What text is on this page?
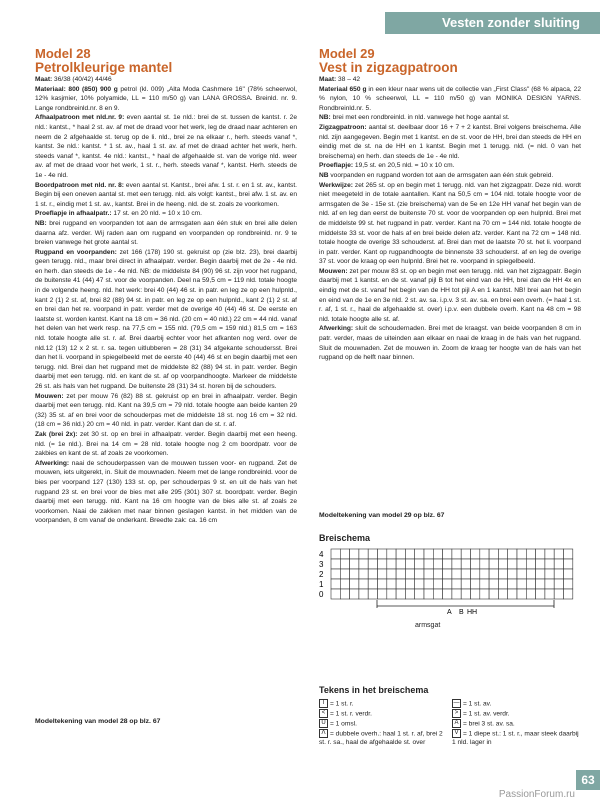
Vesten zonder sluiting

Model 28

Petrolkleurige mantel

Maat: 36/38 (40/42) 44/46

Materiaal: 800 (850) 900 g petrol (kl. 009) „Alta Moda Cashmere 16" (78% scheerwol, 12% kasjmier, 10% polyamide, LL = 110 m/50 g) van LANA GROSSA. Breinld. nr. 9. Lange rondbreinld.nr. 8 en 9.

Afhaalpatroon met nld.nr. 9: even aantal st. 1e nld.: brei de st. tussen de kantst. r. 2e nld.: kantst., * haal 2 st. av. af met de draad voor het werk, leg de draad naar achteren en neem de 2 afgehaalde st. terug op de li. nld., brei ze na elkaar r., herh. steeds vanaf *, kantst. 3e nld.: kantst. * 1 st. av., haal 1 st. av. af met de draad achter het werk, herh. steeds vanaf *, kantst. 4e nld.: kantst., * haal de afgehaalde st. van de vorige nld. weer av. af met de draad voor het werk, 1 st. r., herh. steeds vanaf *, kantst. Herh. steeds de 1e - 4e nld.

Boordpatroon met nld. nr. 8: even aantal st. Kantst., brei afw. 1 st. r. en 1 st. av., kantst. Begin bij een oneven aantal st. met een terugg. nld. als volgt: kantst., brei afw. 1 st. av. en 1 st. r., eindig met 1 st. av., kantst. Brei in de heeng. nld. de st. zoals ze voorkomen.

Proeflapje in afhaalpatr.: 17 st. en 20 nld. = 10 x 10 cm.

NB: brei rugpand en voorpanden tot aan de armsgaten aan één stuk en brei alle delen daarna afz. verder. Wij raden aan om rugpand en voorpanden op rondbreinld. nr. 9 te breien vanwege het grote aantal st.

Rugpand en voorpanden: zet 166 (178) 190 st. gekruist op (zie blz. 23), brei daarbij geen terugg. nld., maar brei direct in afhaalpatr. verder. Begin daarbij met de 2e - 4e nld. en herh. dan steeds de 1e - 4e nld. NB: de middelste 84 (90) 96 st. zijn voor het rugpand, de buitenste 41 (44) 47 st. voor de voorpanden. Deel na 59,5 cm = 119 nld. totale hoogte in de volgende heeng. nld. het werk: brei 40 (44) 46 st. in patr. en leg ze op een hulpnld., kant 2 (1) 2 st. af, brei 82 (88) 94 st. in patr. en leg ze op een hulpnld., kant 2 (1) 2 st. af en brei dan het re. voorpand in patr. verder met de overige 40 (44) 46 st. De eerste en laatste st. worden kantst. Kant na 18 cm = 36 nld. (20 cm = 40 nld.) 22 cm = 44 nld. vanaf het delen van het werk resp. na 77,5 cm = 155 nld. (79,5 cm = 159 nld.) 81,5 cm = 163 nld. totale hoogte alle st. r. af. Brei daarbij echter voor het afkanten nog verd. over de nld.12 (13) 12 x 2 st. r. sa. tegen uitlubberen = 28 (31) 34 afgekante schoudersst. Brei dan het li. voorpand in spiegelbeeld met de eerste 40 (44) 46 st en begin daarbij met een terugg. nld. Brei dan het rugpand met de middelste 82 (88) 94 st. in patr. verder. Begin daarbij met een terugg. nld. en kant de st. af op voorpandhoogte. Markeer de middelste 26 st. als hals van het rugpand. De buitenste 28 (31) 34 st. horen bij de schouders.

Mouwen: zet per mouw 76 (82) 88 st. gekruist op en brei in afhaalpatr. verder. Begin daarbij met een terugg. nld. Kant na 39,5 cm = 79 nld. totale hoogte aan beide kanten 29 (32) 35 st. af en brei voor de schouderpas met de middelste 18 st. nog 16 cm = 32 nld. (18 cm = 36 nld.) 20 cm = 40 nld. in patr. verder. Kant dan de st. r. af.

Zak (brei 2x): zet 30 st. op en brei in afhaalpatr. verder. Begin daarbij met een heeng. nld. (= 1e nld.). Brei na 14 cm = 28 nld. totale hoogte nog 2 cm boordpatr. voor de zakbies en kant de st. af zoals ze voorkomen.

Afwerking: naai de schouderpassen van de mouwen tussen voor- en rugpand. Zet de mouwen, iets uitgerekt, in. Sluit de mouwnaden. Neem met de lange rondbreinld. voor de bies per voorpand 127 (130) 133 st. op, per schouderpas 9 st. en uit de hals van het rugpand 23 st. en brei voor de bies met alle 295 (301) 307 st. boordpatr. verder. Begin daarbij met een terugg. nld. Kant na 16 cm hoogte van de bies alle st. af zoals ze voorkomen. Naai de zakken met naar binnen geslagen kantst. in het midden van de voorpanden, 8 cm vanaf de onderkant. Breedte zak: ca. 16 cm

Modeltekening van model 28 op blz. 67

Model 29

Vest in zigzagpatroon

Maat: 38 – 42

Materiaal 650 g in een kleur naar wens uit de collectie van „First Class" (68 % alpaca, 22 % nylon, 10 % scheerwol, LL = 110 m/50 g) van MONIKA DESIGN YARNS. Rondbreinld.nr. 5.

NB: brei met een rondbreinld. in nld. vanwege het hoge aantal st.

Zigzagpatroon: aantal st. deelbaar door 16 + 7 + 2 kantst. Brei volgens breischema. Alle nld. zijn aangegeven. Begin met 1 kantst. en de st. voor de HH, brei dan steeds de HH en eindig met de st. na de HH en 1 kantst. Begin met 1 terugg. nld. (= nld. 0 van het breischema) en herh. dan steeds de 1e - 4e nld.

Proeflapje: 19,5 st. en 20,5 nld. = 10 x 10 cm.

NB voorpanden en rugpand worden tot aan de armsgaten aan één stuk gebreid.

Werkwijze: zet 265 st. op en begin met 1 terugg. nld. van het zigzagpatr. Deze nld. wordt niet meegeteld in de totale aantallen. Kant na 50,5 cm = 104 nld. totale hoogte voor de armsgaten de 3e - 15e st. (zie breischema) van de 5e en 12e HH vanaf het begin van de nld. af en leg dan eerst de buitenste 70 st. voor de voorpanden op een hulpnld. Brei met de middelste 99 st. het rugpand in patr. verder. Kant na 70 cm = 144 nld. totale hoogte de middelste 33 st. voor de hals af en brei beide delen afz. verder. Kant na 72 cm = 148 nld. totale hoogte de overige 33 schouderst. af. Brei dan met de laatste 70 st. het li. voorpand in patr. verder. Kant op rugpandhoogte de binnenste 33 schouderst. af en leg de overige 37 st. voor de kraag op een hulpnld. Brei het re. voorpand in spiegelbeeld.

Mouwen: zet per mouw 83 st. op en begin met een terugg. nld. van het zigzagpatr. Begin daarbij met 1 kantst. en de st. vanaf pijl B tot het eind van de HH, brei dan de HH 4x en eindig met de st. vanaf het begin van de HH tot pijl A en 1 kantst. NB! brei aan het begin en eind van de 1e en 3e nld. 2 st. av. sa. i.p.v. 3 st. av. sa. en brei een overh. (= haal 1 st. r. af, 1 st. r., haal de afgehaalde st. over) i.p.v. een dubbele overh. Kant na 48 cm = 98 nld. totale hoogte alle st. af.

Afwerking: sluit de schoudernaden. Brei met de kraagst. van beide voorpanden 8 cm in patr. verder, maas de uiteinden aan elkaar en naai de kraag in de hals van het rugpand. Sluit de mouwnaden. Zet de mouwen in. Zoom de kraag ter hoogte van de hals van het rugpand op de helft naar binnen.

Modeltekening van model 29 op blz. 67
Breischema
4
3
2
1
0
HH
A B
armsgat
Tekens in het breischema
I = 1 st. r.
< = 1 st. r. verdr.
U = 1 omsl.
Λ = dubbele overh.: haal 1 st. r. af, brei 2 st. r. sa., haal de afgehaalde st. over
— = 1 st. av.
> = 1 st. av. verdr.
A = brei 3 st. av. sa.
V = 1 diepe st.: 1 st. r., maar steek daarbij 1 nld. lager in
63
PassionForum.ru
